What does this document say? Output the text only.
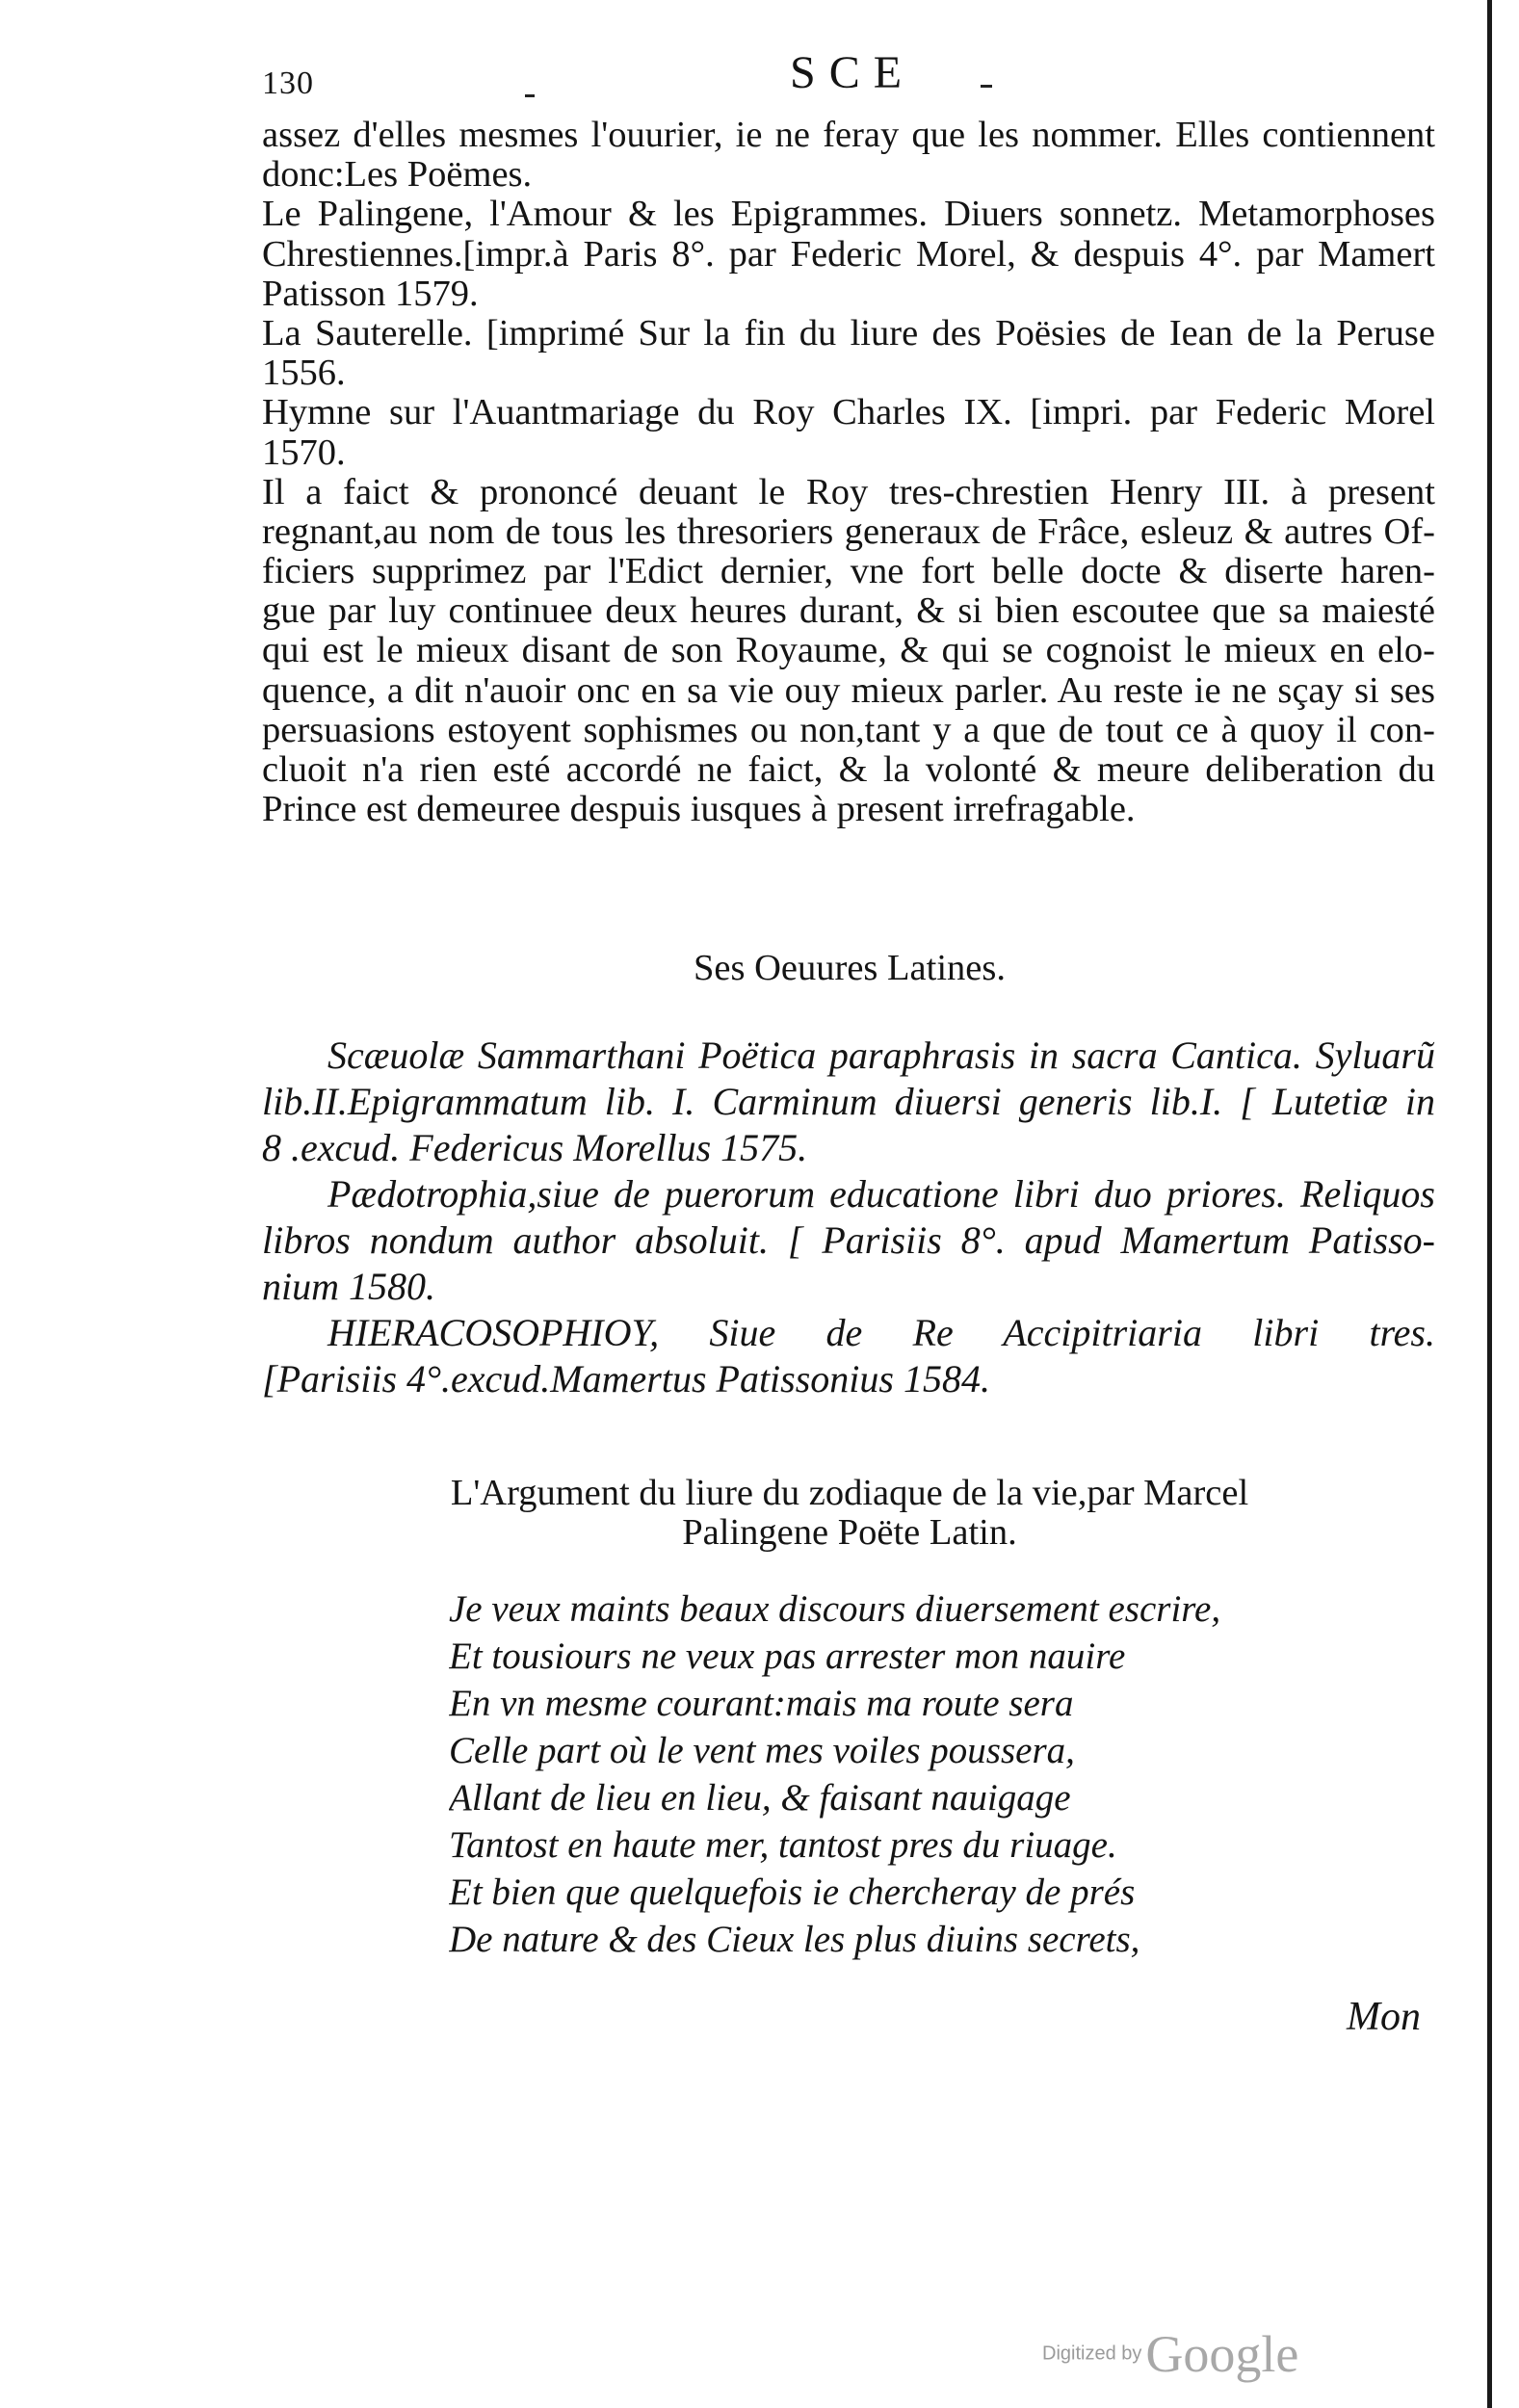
130	SCE
assez d'elles mesmes l'ouurier, ie ne feray que les nommer. Elles contiennent
donc:Les Poëmes.
Le Palingene, l'Amour & les Epigrammes. Diuers sonnetz. Metamorphoses
Chrestiennes.[impr.à Paris 8°. par Federic Morel, & despuis 4°. par Mamert
Patisson 1579.
La Sauterelle. [imprimé Sur la fin du liure des Poësies de Iean de la Peruse
1556.
Hymne sur l'Auantmariage du Roy Charles IX. [impri. par Federic Morel
1570.
Il a faict & prononcé deuant le Roy tres-chrestien Henry III. à present
regnant,au nom de tous les thresoriers generaux de Frâce, esleuz & autres Of-
ficiers supprimez par l'Edict dernier, vne fort belle docte & diserte haren-
gue par luy continuee deux heures durant, & si bien escoutee que sa maiesté
qui est le mieux disant de son Royaume, & qui se cognoist le mieux en elo-
quence, a dit n'auoir onc en sa vie ouy mieux parler. Au reste ie ne sçay si ses
persuasions estoyent sophismes ou non,tant y a que de tout ce à quoy il con-
cluoit n'a rien esté accordé ne faict, & la volonté & meure deliberation du
Prince est demeuree despuis iusques à present irrefragable.
Ses Oeuures Latines.
Scæuolæ Sammarthani Poëtica paraphrasis in sacra Cantica. Syluarũ
lib.II.Epigrammatum lib. I. Carminum diuersi generis lib.I. [ Lutetiæ in
8 .excud. Federicus Morellus 1575.
Pædotrophia,siue de puerorum educatione libri duo priores. Reliquos
libros nondum author absoluit. [ Parisiis 8°. apud Mamertum Patisso-
nium 1580.
HIERACOSOPHIOY, Siue de Re Accipitriaria libri tres.
[Parisiis 4°.excud.Mamertus Patissonius 1584.
L'Argument du liure du zodiaque de la vie,par Marcel
Palingene Poëte Latin.
Je veux maints beaux discours diuersement escrire,
Et tousiours ne veux pas arrester mon nauire
En vn mesme courant:mais ma route sera
Celle part où le vent mes voiles poussera,
Allant de lieu en lieu, & faisant nauigage
Tantost en haute mer, tantost pres du riuage.
Et bien que quelquefois ie chercheray de prés
De nature & des Cieux les plus diuins secrets,
Mon
Digitized by Google
